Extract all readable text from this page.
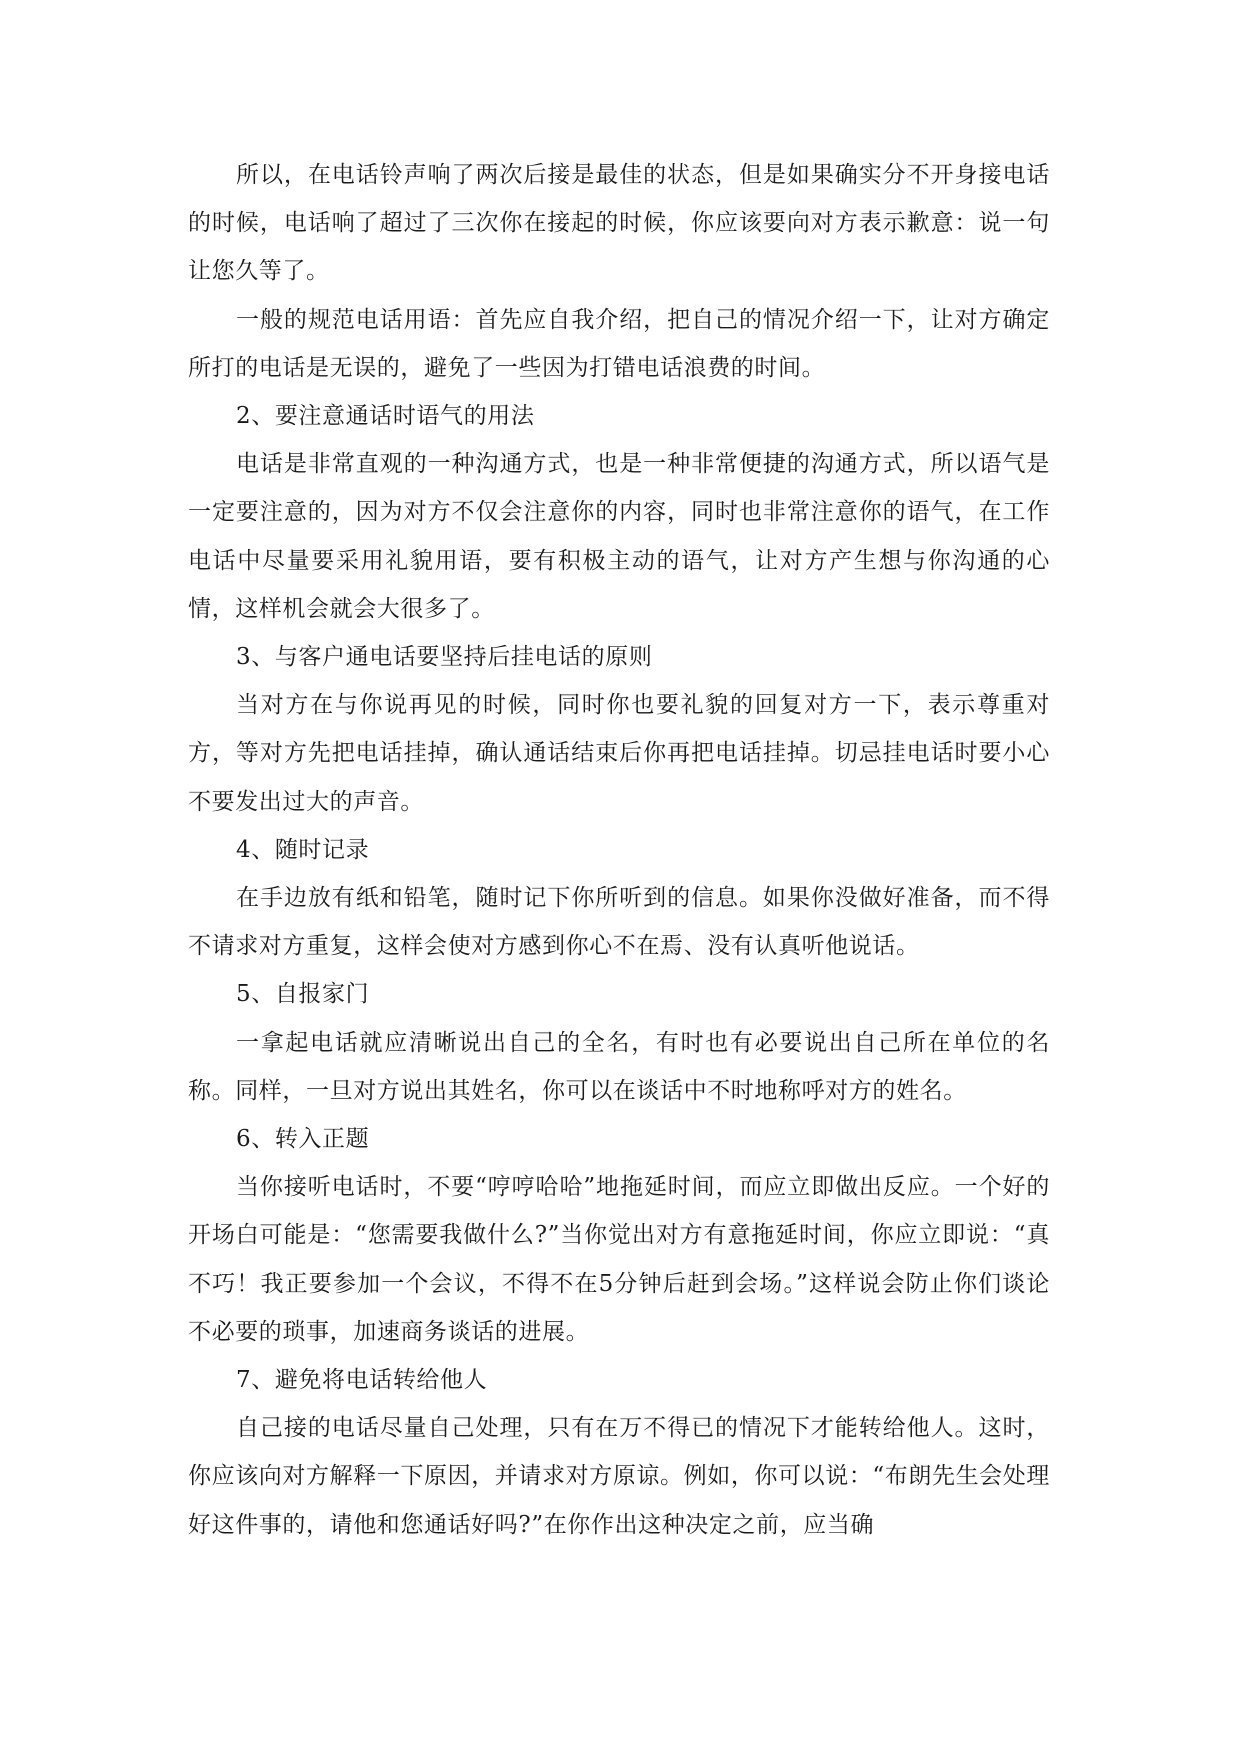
所以，在电话铃声响了两次后接是最佳的状态，但是如果确实分不开身接电话的时候，电话响了超过了三次你在接起的时候，你应该要向对方表示歉意：说一句让您久等了。

一般的规范电话用语：首先应自我介绍，把自己的情况介绍一下，让对方确定所打的电话是无误的，避免了一些因为打错电话浪费的时间。

2、要注意通话时语气的用法

电话是非常直观的一种沟通方式，也是一种非常便捷的沟通方式，所以语气是一定要注意的，因为对方不仅会注意你的内容，同时也非常注意你的语气，在工作电话中尽量要采用礼貌用语，要有积极主动的语气，让对方产生想与你沟通的心情，这样机会就会大很多了。

3、与客户通电话要坚持后挂电话的原则

当对方在与你说再见的时候，同时你也要礼貌的回复对方一下，表示尊重对方，等对方先把电话挂掉，确认通话结束后你再把电话挂掉。切忌挂电话时要小心不要发出过大的声音。

4、随时记录

在手边放有纸和铅笔，随时记下你所听到的信息。如果你没做好准备，而不得不请求对方重复，这样会使对方感到你心不在焉、没有认真听他说话。

5、自报家门

一拿起电话就应清晰说出自己的全名，有时也有必要说出自己所在单位的名称。同样，一旦对方说出其姓名，你可以在谈话中不时地称呼对方的姓名。

6、转入正题

当你接听电话时，不要“哼哼哈哈”地拖延时间，而应立即做出反应。一个好的开场白可能是：“您需要我做什么?”当你觉出对方有意拖延时间，你应立即说：“真不巧！我正要参加一个会议，不得不在5分钟后赶到会场。”这样说会防止你们谈论不必要的琐事，加速商务谈话的进展。

7、避免将电话转给他人

自己接的电话尽量自己处理，只有在万不得已的情况下才能转给他人。这时，你应该向对方解释一下原因，并请求对方原谅。例如，你可以说：“布朗先生会处理好这件事的，请他和您通话好吗?”在你作出这种决定之前，应当确
